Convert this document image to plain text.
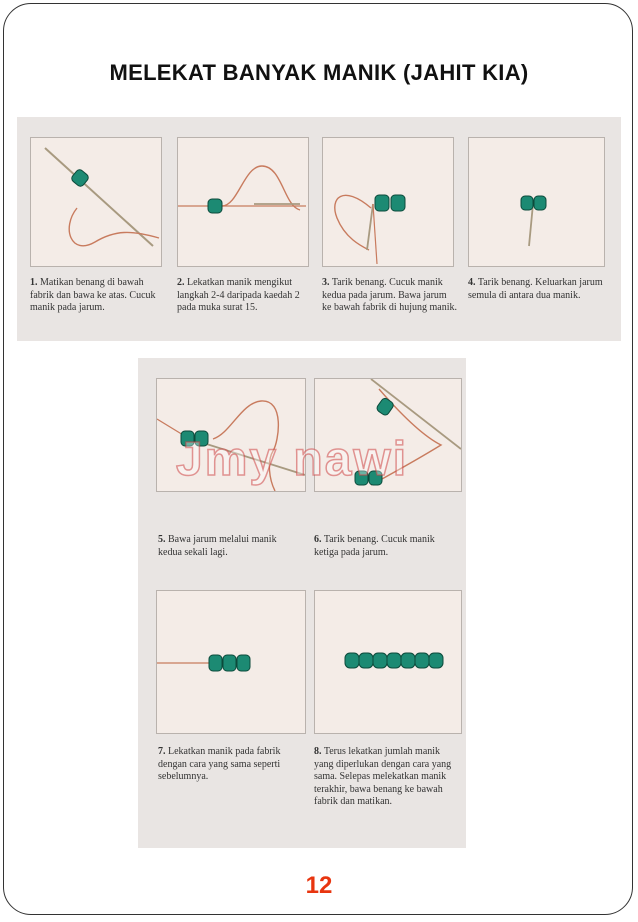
MELEKAT BANYAK MANIK (JAHIT KIA)

1. Matikan benang di bawah fabrik dan bawa ke atas. Cucuk manik pada jarum.

2. Lekatkan manik mengikut langkah 2-4 daripada kaedah 2 pada muka surat 15.

3. Tarik benang. Cucuk manik kedua pada jarum. Bawa jarum ke bawah fabrik di hujung manik.

4. Tarik benang. Keluarkan jarum semula di antara dua manik.

5. Bawa jarum melalui manik kedua sekali lagi.

6. Tarik benang. Cucuk manik ketiga pada jarum.

7. Lekatkan manik pada fabrik dengan cara yang sama seperti sebelumnya.

8. Terus lekatkan jumlah manik yang diperlukan dengan cara yang sama. Selepas melekatkan manik terakhir, bawa benang ke bawah fabrik dan matikan.

Jmy nawi
12
